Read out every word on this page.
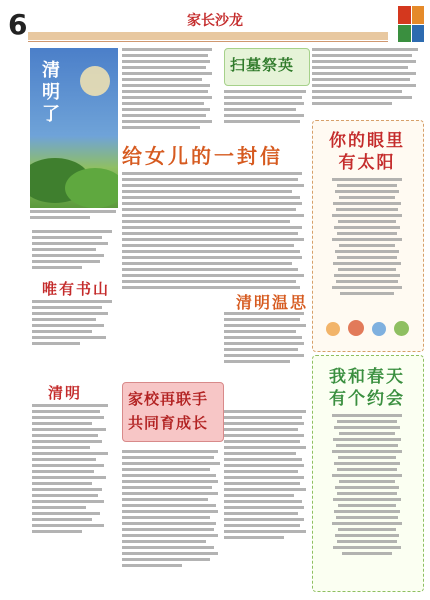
6	家长沙龙
清明了
唯有书山
清明
扫墓祭英
给女儿的一封信
清明温思
家校再联手
共同育成长
你的眼里
有太阳
我和春天
有个约会
